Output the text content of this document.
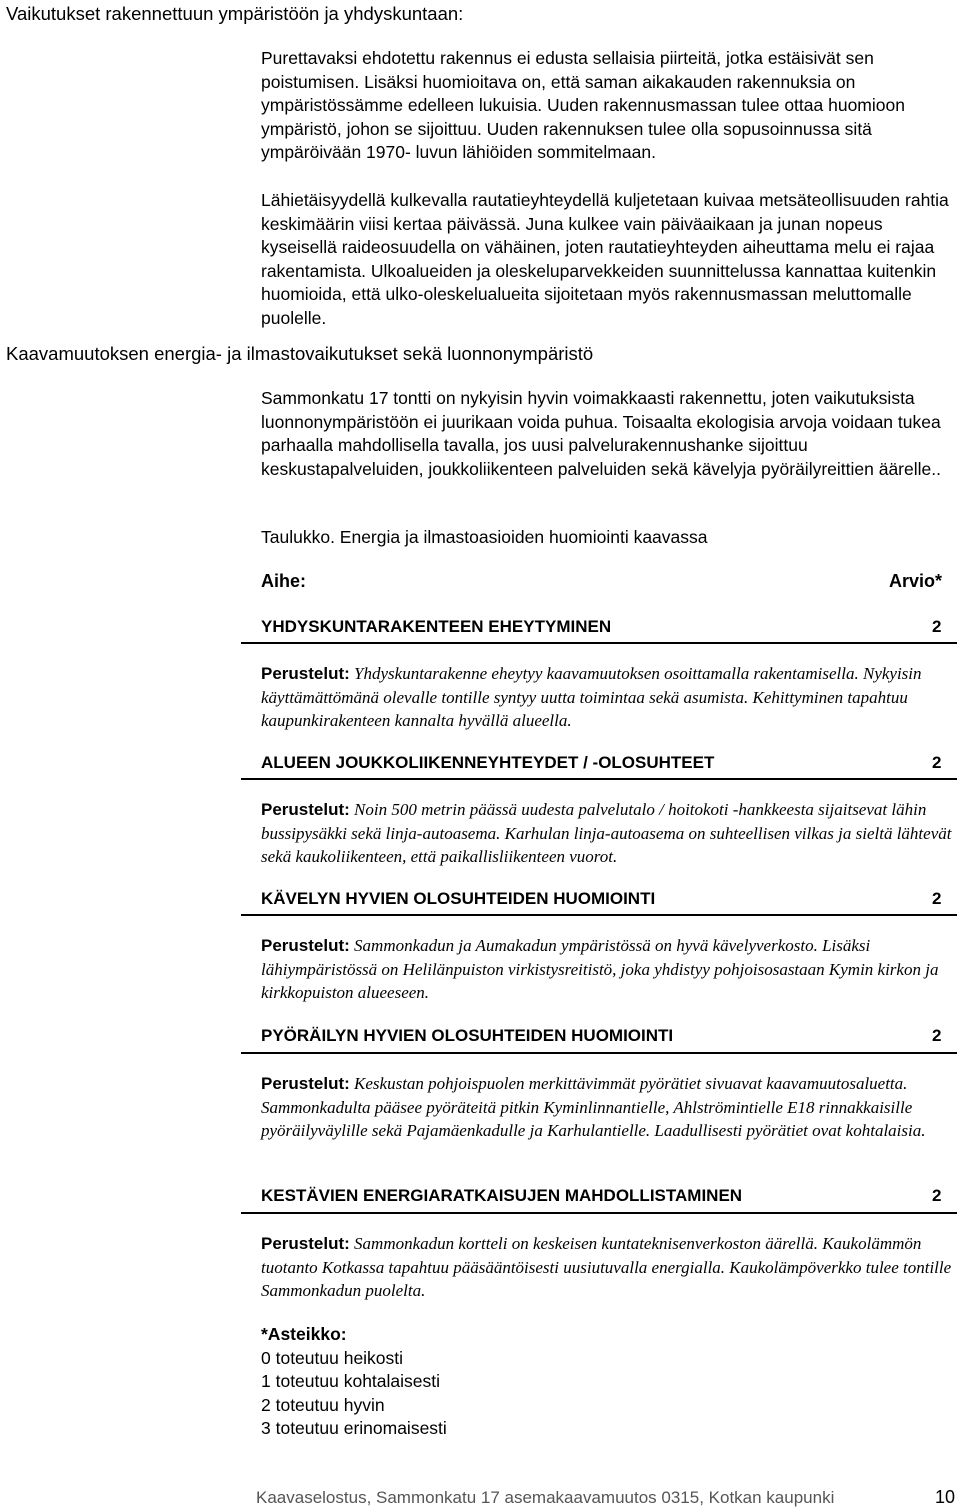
Vaikutukset rakennettuun ympäristöön ja yhdyskuntaan:

Purettavaksi ehdotettu rakennus ei edusta sellaisia piirteitä, jotka estäisivät sen poistumisen. Lisäksi huomioitava on, että saman aikakauden rakennuksia on ympäristössämme edelleen lukuisia. Uuden rakennusmassan tulee ottaa huomioon ympäristö, johon se sijoittuu. Uuden rakennuksen tulee olla sopusoinnussa sitä ympäröivään 1970- luvun lähiöiden sommitelmaan.

Lähietäisyydellä kulkevalla rautatieyhteydellä kuljetetaan kuivaa metsäteollisuuden rahtia keskimäärin viisi kertaa päivässä. Juna kulkee vain päiväaikaan ja junan nopeus kyseisellä raideosuudella on vähäinen, joten rautatieyhteyden aiheuttama melu ei rajaa rakentamista. Ulkoalueiden ja oleskeluparvekkeiden suunnittelussa kannattaa kuitenkin huomioida, että ulko-oleskelualueita sijoitetaan myös rakennusmassan meluttomalle puolelle.

Kaavamuutoksen energia- ja ilmastovaikutukset sekä luonnonympäristö

Sammonkatu 17 tontti on nykyisin hyvin voimakkaasti rakennettu, joten vaikutuksista luonnonympäristöön ei juurikaan voida puhua. Toisaalta ekologisia arvoja voidaan tukea parhaalla mahdollisella tavalla, jos uusi palvelurakennushanke sijoittuu keskustapalveluiden, joukkoliikenteen palveluiden sekä kävelyja pyöräilyreittien äärelle..

Taulukko. Energia ja ilmastoasioiden huomiointi kaavassa
Aihe:	Arvio*
YHDYSKUNTARAKENTEEN EHEYTYMINEN	2
Perustelut: Yhdyskuntarakenne eheytyy kaavamuutoksen osoittamalla rakentamisella. Nykyisin käyttämättömänä olevalle tontille syntyy uutta toimintaa sekä asumista. Kehittyminen tapahtuu kaupunkirakenteen kannalta hyvällä alueella.
ALUEEN JOUKKOLIIKENNEYHTEYDET / -OLOSUHTEET	2
Perustelut: Noin 500 metrin päässä uudesta palvelutalo / hoitokoti -hankkeesta sijaitsevat lähin bussipysäkki sekä linja-autoasema. Karhulan linja-autoasema on suhteellisen vilkas ja sieltä lähtevät sekä kaukoliikenteen, että paikallisliikenteen vuorot.
KÄVELYN HYVIEN OLOSUHTEIDEN HUOMIOINTI	2
Perustelut: Sammonkadun ja Aumakadun ympäristössä on hyvä kävelyverkosto. Lisäksi lähiympäristössä on Helilänpuiston virkistysreitistö, joka yhdistyy pohjoisosastaan Kymin kirkon ja kirkkopuiston alueeseen.
PYÖRÄILYN HYVIEN OLOSUHTEIDEN HUOMIOINTI	2
Perustelut: Keskustan pohjoispuolen merkittävimmät pyörätiet sivuavat kaavamuutosaluetta. Sammonkadulta pääsee pyöräteitä pitkin Kyminlinnantielle, Ahlströmintielle E18 rinnakkaisille pyöräilyväylille sekä Pajamäenkadulle ja Karhulantielle. Laadullisesti pyörätiet ovat kohtalaisia.
KESTÄVIEN ENERGIARATKAISUJEN MAHDOLLISTAMINEN	2
Perustelut: Sammonkadun kortteli on keskeisen kuntateknisenverkoston äärellä. Kaukolämmön tuotanto Kotkassa tapahtuu pääsääntöisesti uusiutuvalla energialla. Kaukolämpöverkko tulee tontille Sammonkadun puolelta.
*Asteikko:
0 toteutuu heikosti
1 toteutuu kohtalaisesti
2 toteutuu hyvin
3 toteutuu erinomaisesti
Kaavaselostus, Sammonkatu 17 asemakaavamuutos 0315, Kotkan kaupunki	10
